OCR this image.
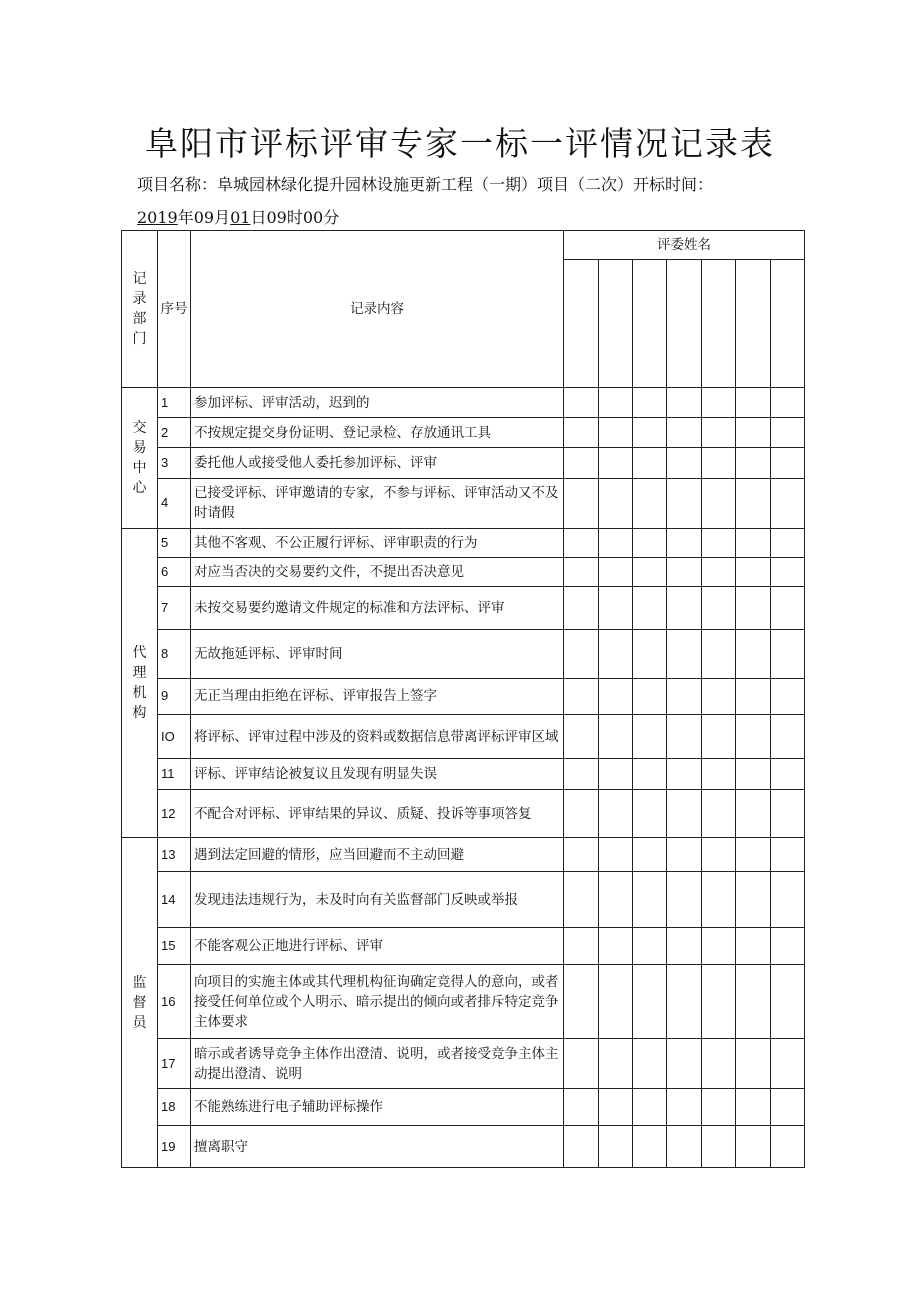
阜阳市评标评审专家一标一评情况记录表
项目名称：阜城园林绿化提升园林设施更新工程（一期）项目（二次）开标时间：
2019年09月01日09时00分
记录部门	序号	记录内容	评委姓名						

交易中心	1	参加评标、评审活动，迟到的							
	2	不按规定提交身份证明、登记录检、存放通讯工具							
	3	委托他人或接受他人委托参加评标、评审							
	4	已接受评标、评审邀请的专家，不参与评标、评审活动又不及时请假							
代理机构	5	其他不客观、不公正履行评标、评审职责的行为							
	6	对应当否决的交易要约文件，不提出否决意见							
	7	未按交易要约邀请文件规定的标准和方法评标、评审							
	8	无故拖延评标、评审时间							
	9	无正当理由拒绝在评标、评审报告上签字							
	IO	将评标、评审过程中涉及的资料或数据信息带离评标评审区域							
	11	评标、评审结论被复议且发现有明显失误							
	12	不配合对评标、评审结果的异议、质疑、投诉等事项答复							
监督员	13	遇到法定回避的情形，应当回避而不主动回避							
	14	发现违法违规行为，未及时向有关监督部门反映或举报							
	15	不能客观公正地进行评标、评审							
	16	向项目的实施主体或其代理机构征询确定竞得人的意向，或者接受任何单位或个人明示、暗示提出的倾向或者排斥特定竞争主体要求							
	17	暗示或者诱导竞争主体作出澄清、说明，或者接受竞争主体主动提出澄清、说明							
	18	不能熟练进行电子辅助评标操作							
	19	擅离职守							
